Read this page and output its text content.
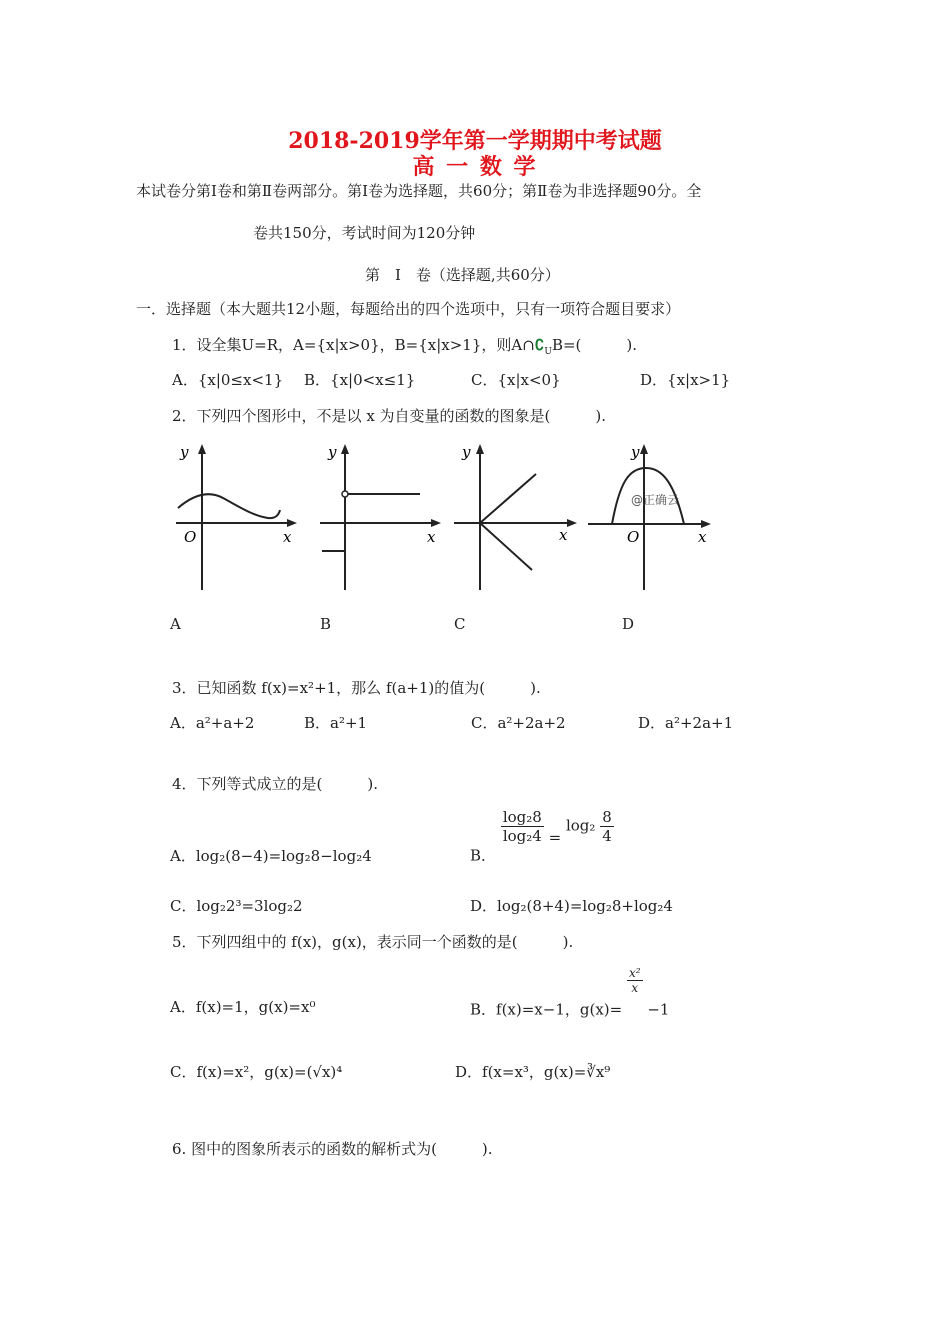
2018-2019学年第一学期期中考试题
高 一 数 学
本试卷分第Ⅰ卷和第Ⅱ卷两部分。第Ⅰ卷为选择题，共60分；第Ⅱ卷为非选择题90分。全
卷共150分，考试时间为120分钟
第　Ⅰ　卷（选择题,共60分）
一．选择题（本大题共12小题，每题给出的四个选项中，只有一项符合题目要求）
1．设全集U=R，A={x|x>0}，B={x|x>1}，则$A\cap∁_UB=$(　　　).
A．{x|0≤x<1} B．{x|0<x≤1}	C．{x|x<0}	D．{x|x>1}
2．下列四个图形中，不是以 x 为自变量的函数的图象是(　　　).
y
x
O
y
x
y
x
y
x
O
@正确云
A	B	C	D
3．已知函数 f(x)=x²+1，那么 f(a+1)的值为(　　　).
A．a²+a+2	B．a²+1	C．a²+2a+2	D．a²+2a+1
4．下列等式成立的是(　　　).
A．log₂(8−4)=log₂8−log₂4	B．
$\frac{\text{log₂8}}{\text{log₂4}} = \log_2 \frac{8}{4}$
C．log₂2³=3log₂2	D．log₂(8+4)=log₂8+log₂4
5．下列四组中的 f(x)，g(x)，表示同一个函数的是(　　　).
A．f(x)=1，g(x)=x⁰	B．f(x)=x−1，g(x)=
$\frac{\text{x²}}{x}$
−1
C．f(x)=x²，g(x)=(√x)⁴	D．f(x=x³，g(x)=∛x⁹
6. 图中的图象所表示的函数的解析式为(　　　).
